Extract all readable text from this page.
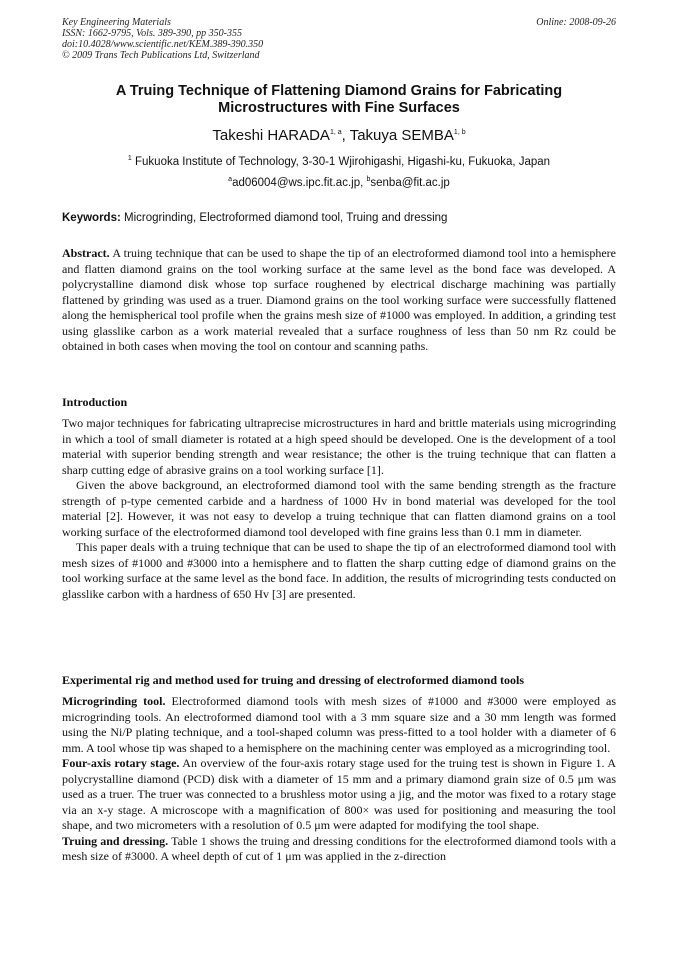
Key Engineering Materials
ISSN: 1662-9795, Vols. 389-390, pp 350-355
doi:10.4028/www.scientific.net/KEM.389-390.350
© 2009 Trans Tech Publications Ltd, Switzerland
Online: 2008-09-26
A Truing Technique of Flattening Diamond Grains for Fabricating
Microstructures with Fine Surfaces
Takeshi HARADA$^{1, a}$, Takuya SEMBA$^{1, b}$
$^1$ Fukuoka Institute of Technology, 3-30-1 Wjirohigashi, Higashi-ku, Fukuoka, Japan
$^a$ad06004@ws.ipc.fit.ac.jp, $^b$senba@fit.ac.jp
Keywords: Microgrinding, Electroformed diamond tool, Truing and dressing

Abstract. A truing technique that can be used to shape the tip of an electroformed diamond tool into a hemisphere and flatten diamond grains on the tool working surface at the same level as the bond face was developed. A polycrystalline diamond disk whose top surface roughened by electrical discharge machining was partially flattened by grinding was used as a truer. Diamond grains on the tool working surface were successfully flattened along the hemispherical tool profile when the grains mesh size of #1000 was employed. In addition, a grinding test using glasslike carbon as a work material revealed that a surface roughness of less than 50 nm Rz could be obtained in both cases when moving the tool on contour and scanning paths.

Introduction

Two major techniques for fabricating ultraprecise microstructures in hard and brittle materials using microgrinding in which a tool of small diameter is rotated at a high speed should be developed. One is the development of a tool material with superior bending strength and wear resistance; the other is the truing technique that can flatten a sharp cutting edge of abrasive grains on a tool working surface [1].

Given the above background, an electroformed diamond tool with the same bending strength as the fracture strength of p-type cemented carbide and a hardness of 1000 Hv in bond material was developed for the tool material [2]. However, it was not easy to develop a truing technique that can flatten diamond grains on a tool working surface of the electroformed diamond tool developed with fine grains less than 0.1 mm in diameter.

This paper deals with a truing technique that can be used to shape the tip of an electroformed diamond tool with mesh sizes of #1000 and #3000 into a hemisphere and to flatten the sharp cutting edge of diamond grains on the tool working surface at the same level as the bond face. In addition, the results of microgrinding tests conducted on glasslike carbon with a hardness of 650 Hv [3] are presented.

Experimental rig and method used for truing and dressing of electroformed diamond tools

Microgrinding tool. Electroformed diamond tools with mesh sizes of #1000 and #3000 were employed as microgrinding tools. An electroformed diamond tool with a 3 mm square size and a 30 mm length was formed using the Ni/P plating technique, and a tool-shaped column was press-fitted to a tool holder with a diameter of 6 mm. A tool whose tip was shaped to a hemisphere on the machining center was employed as a microgrinding tool.

Four-axis rotary stage. An overview of the four-axis rotary stage used for the truing test is shown in Figure 1. A polycrystalline diamond (PCD) disk with a diameter of 15 mm and a primary diamond grain size of 0.5 μm was used as a truer. The truer was connected to a brushless motor using a jig, and the motor was fixed to a rotary stage via an x-y stage. A microscope with a magnification of 800× was used for positioning and measuring the tool shape, and two micrometers with a resolution of 0.5 μm were adapted for modifying the tool shape.

Truing and dressing. Table 1 shows the truing and dressing conditions for the electroformed diamond tools with a mesh size of #3000. A wheel depth of cut of 1 μm was applied in the z-direction
